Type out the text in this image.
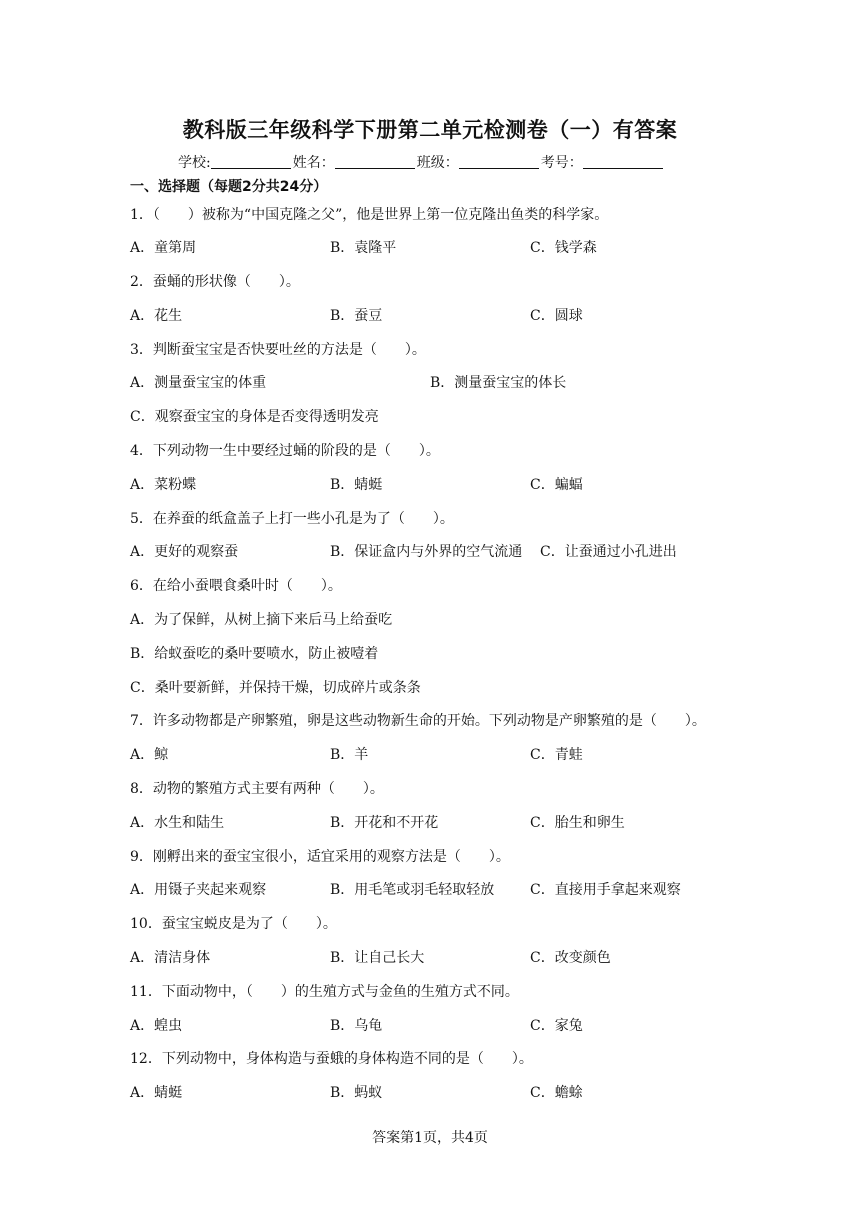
教科版三年级科学下册第二单元检测卷（一）有答案
学校:	姓名：	班级：	考号：
一、选择题（每题2分共24分）
1．（　　）被称为“中国克隆之父”，他是世界上第一位克隆出鱼类的科学家。
A．童第周	B．袁隆平	C．钱学森
2．蚕蛹的形状像（　　）。
A．花生	B．蚕豆	C．圆球
3．判断蚕宝宝是否快要吐丝的方法是（　　）。
A．测量蚕宝宝的体重	B．测量蚕宝宝的体长
C．观察蚕宝宝的身体是否变得透明发亮
4．下列动物一生中要经过蛹的阶段的是（　　）。
A．菜粉蝶	B．蜻蜓	C．蝙蝠
5．在养蚕的纸盒盖子上打一些小孔是为了（　　）。
A．更好的观察蚕	B．保证盒内与外界的空气流通 C．让蚕通过小孔进出
6．在给小蚕喂食桑叶时（　　）。
A．为了保鲜，从树上摘下来后马上给蚕吃
B．给蚁蚕吃的桑叶要喷水，防止被噎着
C．桑叶要新鲜，并保持干燥，切成碎片或条条
7．许多动物都是产卵繁殖，卵是这些动物新生命的开始。下列动物是产卵繁殖的是（　　）。
A．鲸	B．羊	C．青蛙
8．动物的繁殖方式主要有两种（　　）。
A．水生和陆生	B．开花和不开花	C．胎生和卵生
9．刚孵出来的蚕宝宝很小，适宜采用的观察方法是（　　）。
A．用镊子夹起来观察	B．用毛笔或羽毛轻取轻放	C．直接用手拿起来观察
10．蚕宝宝蜕皮是为了（　　）。
A．清洁身体	B．让自己长大	C．改变颜色
11．下面动物中，（　　）的生殖方式与金鱼的生殖方式不同。
A．蝗虫	B．乌龟	C．家兔
12．下列动物中，身体构造与蚕蛾的身体构造不同的是（　　）。
A．蜻蜓	B．蚂蚁	C．蟾蜍
答案第1页，共4页
